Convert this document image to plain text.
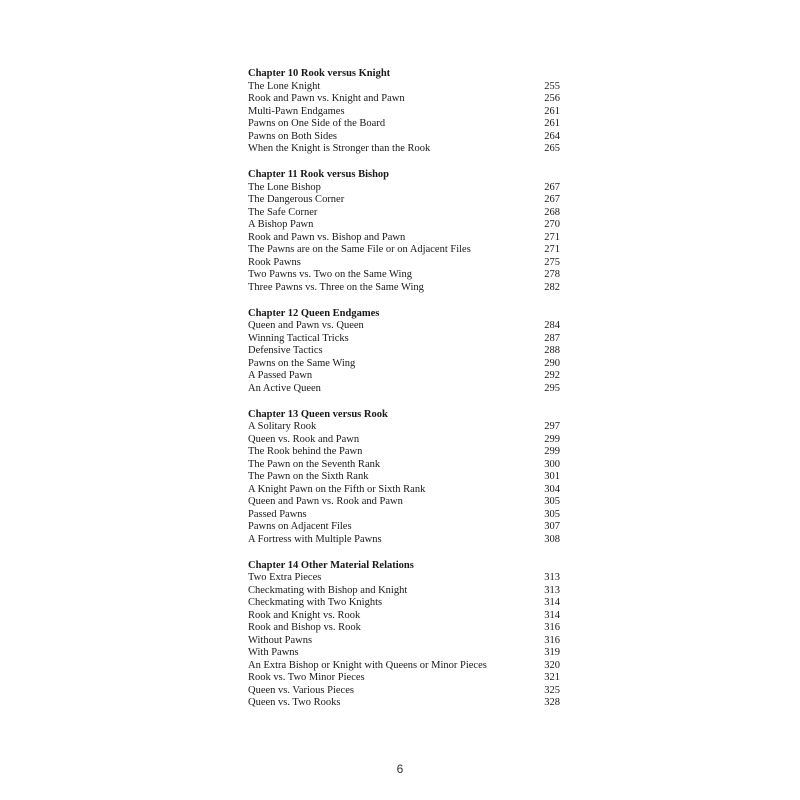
Chapter 10 Rook versus Knight
The Lone Knight	255
Rook and Pawn vs. Knight and Pawn	256
Multi-Pawn Endgames	261
Pawns on One Side of the Board	261
Pawns on Both Sides	264
When the Knight is Stronger than the Rook	265
Chapter 11 Rook versus Bishop
The Lone Bishop	267
The Dangerous Corner	267
The Safe Corner	268
A Bishop Pawn	270
Rook and Pawn vs. Bishop and Pawn	271
The Pawns are on the Same File or on Adjacent Files	271
Rook Pawns	275
Two Pawns vs. Two on the Same Wing	278
Three Pawns vs. Three on the Same Wing	282
Chapter 12 Queen Endgames
Queen and Pawn vs. Queen	284
Winning Tactical Tricks	287
Defensive Tactics	288
Pawns on the Same Wing	290
A Passed Pawn	292
An Active Queen	295
Chapter 13 Queen versus Rook
A Solitary Rook	297
Queen vs. Rook and Pawn	299
The Rook behind the Pawn	299
The Pawn on the Seventh Rank	300
The Pawn on the Sixth Rank	301
A Knight Pawn on the Fifth or Sixth Rank	304
Queen and Pawn vs. Rook and Pawn	305
Passed Pawns	305
Pawns on Adjacent Files	307
A Fortress with Multiple Pawns	308
Chapter 14 Other Material Relations
Two Extra Pieces	313
Checkmating with Bishop and Knight	313
Checkmating with Two Knights	314
Rook and Knight vs. Rook	314
Rook and Bishop vs. Rook	316
Without Pawns	316
With Pawns	319
An Extra Bishop or Knight with Queens or Minor Pieces	320
Rook vs. Two Minor Pieces	321
Queen vs. Various Pieces	325
Queen vs. Two Rooks	328
6
